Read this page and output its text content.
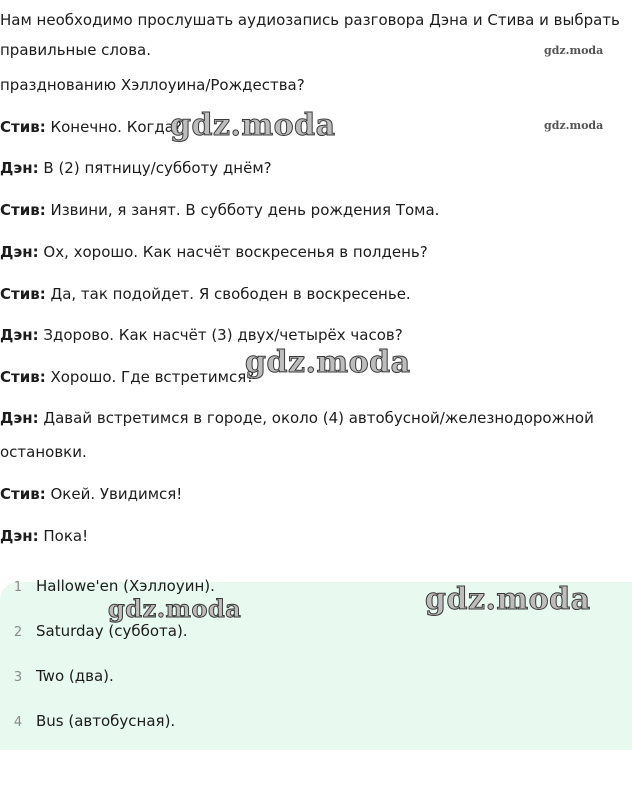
Нам необходимо прослушать аудиозапись разговора Дэна и Стива и выбрать
правильные слова.
празднованию Хэллоуина/Рождества?
Стив: Конечно. Когда?
Дэн: В (2) пятницу/субботу днём?
Стив: Извини, я занят. В субботу день рождения Тома.
Дэн: Ох, хорошо. Как насчёт воскресенья в полдень?
Стив: Да, так подойдет. Я свободен в воскресенье.
Дэн: Здорово. Как насчёт (3) двух/четырёх часов?
Стив: Хорошо. Где встретимся?
Дэн: Давай встретимся в городе, около (4) автобусной/железнодорожной
остановки.
Стив: Окей. Увидимся!
Дэн: Пока!
1 Hallowe'en (Хэллоуин).
2 Saturday (суббота).
3 Two (два).
4 Bus (автобусная).
gdz.moda
gdz.moda
gdz.moda
gdz.moda
gdz.moda	gdz.moda
